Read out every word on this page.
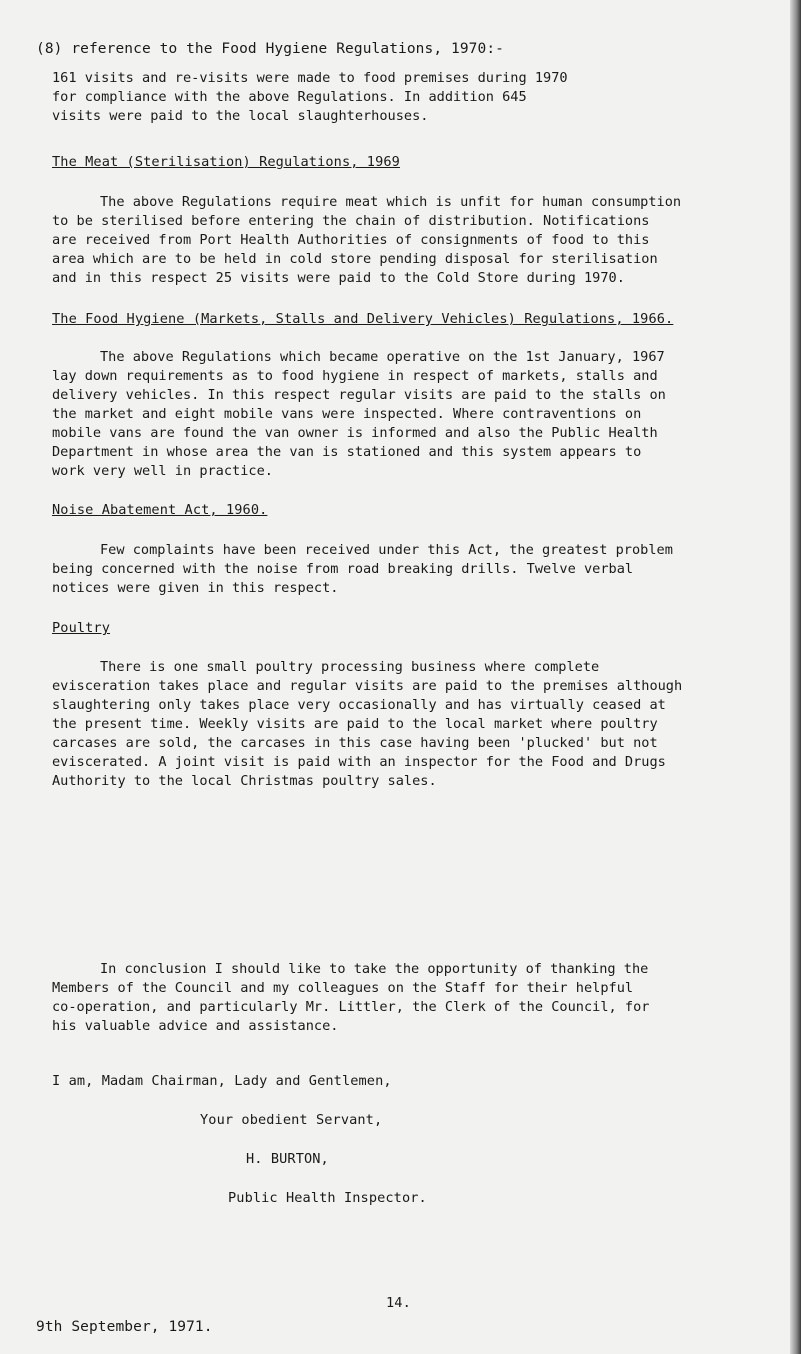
(8) reference to the Food Hygiene Regulations, 1970:-
161 visits and re-visits were made to food premises during 1970
for compliance with the above Regulations. In addition 645
visits were paid to the local slaughterhouses.
The Meat (Sterilisation) Regulations, 1969
The above Regulations require meat which is unfit for human consumption
to be sterilised before entering the chain of distribution. Notifications
are received from Port Health Authorities of consignments of food to this
area which are to be held in cold store pending disposal for sterilisation
and in this respect 25 visits were paid to the Cold Store during 1970.
The Food Hygiene (Markets, Stalls and Delivery Vehicles) Regulations, 1966.
The above Regulations which became operative on the 1st January, 1967
lay down requirements as to food hygiene in respect of markets, stalls and
delivery vehicles. In this respect regular visits are paid to the stalls on
the market and eight mobile vans were inspected. Where contraventions on
mobile vans are found the van owner is informed and also the Public Health
Department in whose area the van is stationed and this system appears to
work very well in practice.
Noise Abatement Act, 1960.
Few complaints have been received under this Act, the greatest problem
being concerned with the noise from road breaking drills. Twelve verbal
notices were given in this respect.
Poultry
There is one small poultry processing business where complete
evisceration takes place and regular visits are paid to the premises although
slaughtering only takes place very occasionally and has virtually ceased at
the present time. Weekly visits are paid to the local market where poultry
carcases are sold, the carcases in this case having been 'plucked' but not
eviscerated. A joint visit is paid with an inspector for the Food and Drugs
Authority to the local Christmas poultry sales.
In conclusion I should like to take the opportunity of thanking the
Members of the Council and my colleagues on the Staff for their helpful
co-operation, and particularly Mr. Littler, the Clerk of the Council, for
his valuable advice and assistance.
I am, Madam Chairman, Lady and Gentlemen,
Your obedient Servant,
H. BURTON,
Public Health Inspector.
14.
9th September, 1971.
